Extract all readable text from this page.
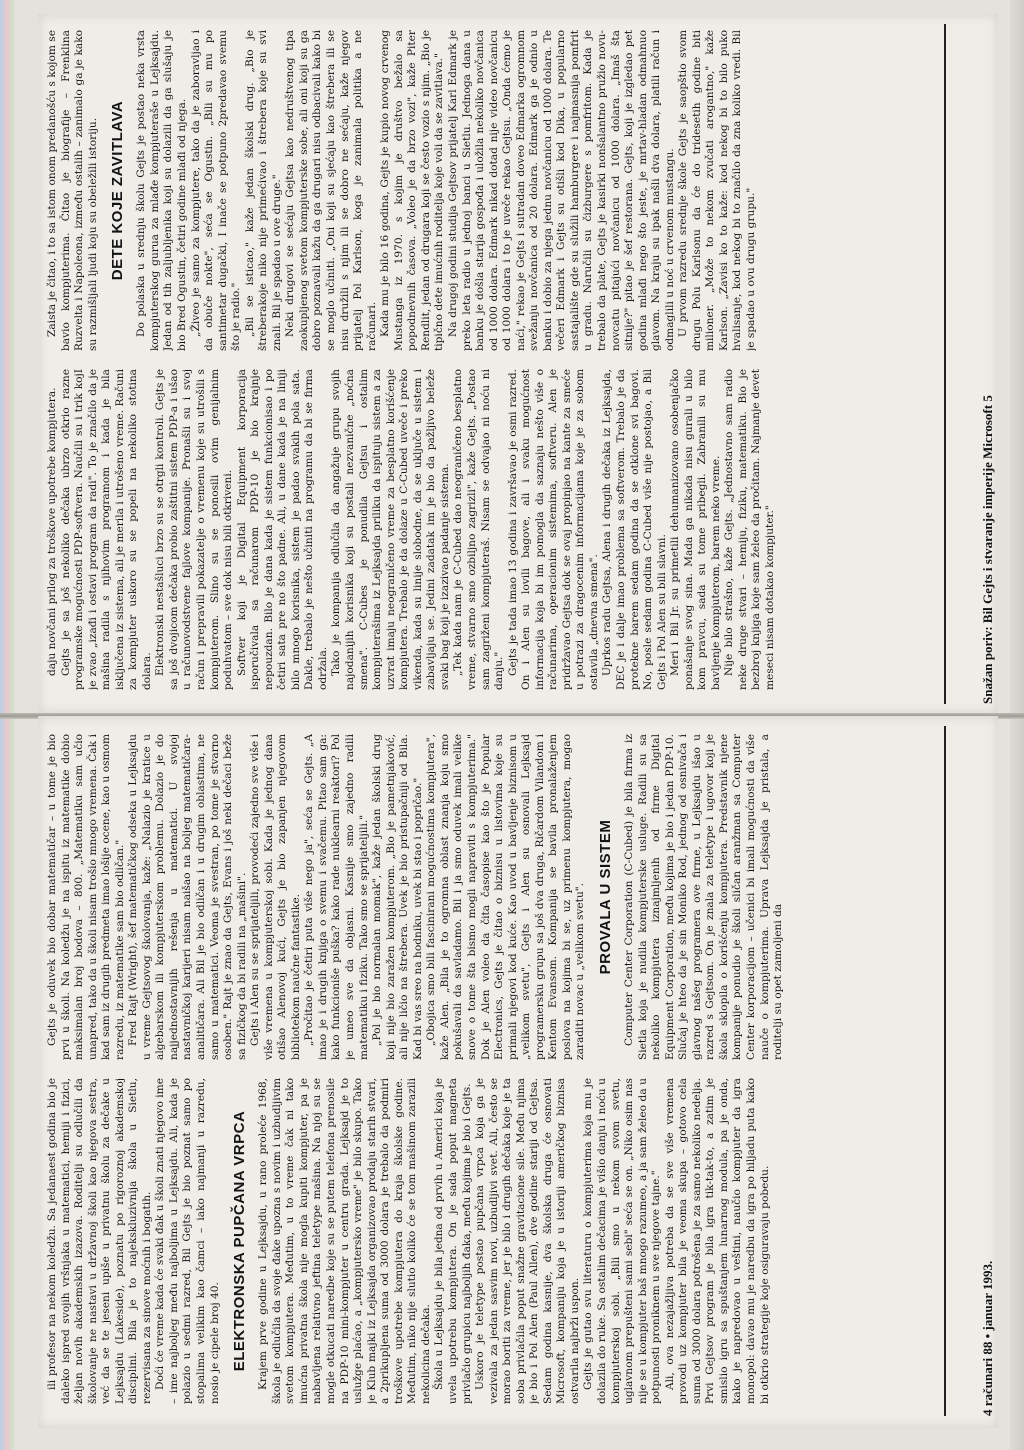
daju novčani prilog za troškove upotrebe kompjutera. Gejts je sa još nekoliko dečaka ubrzo otkrio razne programske mogućnosti PDP-softvera. Naučili su i trik kojI je zvao „izađi i ostavi program da radi". To je značilo da je mašina radila s njihovim programom i kada je bila isključena iz sistema, ali je merila i utrošeno vreme. Računi za kompjuter uskoro su se popeli na nekoliko stotina dolara. Elektronski nestašluci brzo su se otrgli kontroli. Gejts je sa još dvojicom dečaka probio zaštitni sistem PDP-a i ušao u računovodstvene fajlove kompanije. Pronašli su i svoj račun i prepravili pokazatelje o vremenu koje su utrošili s kompjuterom. Slino su se ponosili ovim genijalnim poduhvatom – sve dok nisu bili otkriveni. Softver koji je Digital Equipment korporacija isporučivala sa računarom PDP-10 je bio krajnje nepouzdan. Bilo je dana kada je sistem funkcionisao i po četiri sata pre no što padne. Ali, u dane kada je na liniji bilo mnogo korisnika, sistem je padao svakih pola sata. Dakle, trebalo je nešto učiniti na programu da bi se firma održala. Tako je kompanija odlučila da angažuje grupu svojih najodanijih korisnika koji su postali nezvanične „noćna smena". C-Cubes je ponudila Gejtsu i ostalim kompjuterašima iz Lejksajda priliku da ispituju sistem a za uzvrat imaju neograničeno vreme za besplatno korišćenje kompjutera. Trebalo je da dolaze u C-Cubed uveče i preko vikenda, kada su linije slobodne, da se uključe u sistem i zabavljaju se. Jedini zadatak im je bio da pažljivo beleže svaki bag koji je izazivao padanje sistema. „Tek kada nam je C-Cubed dao neograničeno besplatno vreme, stvarno smo ozbiljno zagrizli", kaže Gejts. „Postao sam zagriženi kompjuteraš. Nisam se odvajao ni noću ni danju." Gejts je tada imao 13 godina i završavao je osmi razred. On i Alen su lovili bagove, ali i svaku mogućnost informacija koja bi im pomogla da saznaju nešto više o računarima, operacionim sistemima, softveru. Alen je pridržavao Gejtsa dok se ovaj propinjao na kante za smeće u potrazi za dragocenim informacijama koje je za sobom ostavila „dnevna smena". Uprkos radu Gejtsa, Alena i drugih dečaka iz Lejksajda, DEC je i dalje imao problema sa softverom. Trebalo je da protekne barem sedam godina da se otklone svi bagovi. No, posle sedam godina C-Cubed više nije postojao, a Bil Gejts i Pol Alen su bili slavni. Meri i Bil Jr. su primetili dehumanizovano osobenjačko ponašanje svog sina. Mada ga nikada nisu gurali u bilo kom pravcu, sada su tome pribegli. Zabranili su mu bavljenje kompjuterom, barem neko vreme. Nije bilo strašno, kaže Gejts. „Jednostavno sam radio neke druge stvari – hemiju, fiziku, matematiku. Bio je bezbroj knjiga koje sam želeo da pročitam. Najmanje devet meseci nisam dotakao kompjuter."

Zaista je čitao, i to sa istom onom predanošću s kojom se bavio kompjuterima. Čitao je biografije – Frenklina Ruzvelta i Napoleona, između ostalih – zanimalo ga je kako su razmišljali ljudi koju su obeležili istoriju. DETE KOJE ZAVITLAVA Do polaska u srednju školu Gejts je postao neka vrsta kompjuterskog gurua za mlađe kompjuteraše u Lejksajdu. Jedan od tih zaljubljenika koji su dolazili da ga slušaju je bio Bred Ogustin, četiri godine mlađi od njega. „Živeo je samo za kompjutere, tako da je zaboravljao i da obuče nokte", seća se Ogustin. „Bili su mu po santimetar dugački, I inače se potpuno 2predavao svemu što je radio." „Bil se isticao," kaže jedan školski drug. „Bio je štreberakoje niko nije primećivao i štrebera koje su svi znali. Bil je spadao u ove druge." Neki drugovi se sećaju Gejtsa kao nedruštvenog tipa zaokupljenog svetom kompjuterske sobe, ali oni koji su ga dobro poznavali kažu da ga drugari nisu odbacivali kako bi se moglo učiniti. „Oni koji su sjećaju kao štrebera ili se nisu družili s njim ili se dobro ne sećaju, kaže njegov prijatelj Pol Karlson, koga je zanimala politika a ne računari. Kada mu je bilo 16 godina, Gejts je kupio novog crvenog Mustanga iz 1970. s kojim je društvo bežalo sa popodnevnih časova. „Voleo je da brzo vozi", kaže Piter Rendlit, jedan od drugara koji se često vozio s njim. „Bio je tipično dete imućnih roditelja koje voli da se zavitlava." Na drugoj godini studija Gejtsov prijatelj Karl Edmark je preko leta radio u jednoj banci u Sietlu. Jednoga dana u banku je došla starija gospođa i uložila nekoliko novčanica od 1000 dolara. Edmark nikad dotad nije video novčanicu od 1000 dolara i to je uveče rekao Gejtsu. „Onda ćemo je naći," rekao je Gejts i sutradan doveo Edmarka ogromnom svežanju novčanica od 20 dolara. Edmark ga je odnio u banku i dobio za njega jednu novčanicu od 1000 dolara. Te večeri Edmark i Gejts su otišli kod Dika, u popularno sastajalište gde su služili hamburgere i najmasnija pomfrit u gradu. Naručili su čizburgere s pomfritom. Kada je trebalo da plate, Gejts je kasirki nonšalantno pružio novu-novcatu pitajući novčanicu od 1000 dolara. „Imaš šta sitnije?" pitao je šef restorana. Gejts, koji je izgledao pet godina mlađi nego što jeste, je mrtav-hladan odmahnuo glavom. Na kraju su ipak našli dva dolara, platili račun i odmaglili u noć u crvenom mustangu. U prvom razredu srednje škole Gejts je saopštio svom drugu Polu Karlsonu da će do tridesetih godine biti milioner. „Može to nekom zvučati arogantno," kaže Karlson. „Zavisi ko to kaže: kod nekog bi to bilo puko hvalisanje, kod nekog bi to značilo da zna koliko vredi. Bil je spadao u ovu drugu grupu."

Snažan poriv: Bil Gejts i stvaranje imperije Microsoft 5

ili profesor na nekom koledžu. Sa jedanaest godina bio je daleko ispred svojih vršnjaka u matematici, hemiji i fizici, željan novih akademskih izazova. Roditelji su odlučili da školovanje ne nastavi u državnoj školi kao njegova sestra, već da se te jeseni upiše u privatnu školu za dečake u Lejksajdu (Lakeside), poznatu po rigoroznoj akademskoj disciplini. Bila je to najekskluzivnija škola u Sietlu, rezervisana za sinove moćnih i bogatih. Doći će vreme kada će svaki đak u školi znati njegovo ime – ime najboljeg među najboljima u Lejksajdu. Ali, kada je polazio u sedmi razred, Bil Gejts je bio poznat samo po stopalima velikim kao čamci – iako najmanji u razredu, nosio je cipele broj 40. ELEKTRONSKA PUPČANA VRPCA Krajem prve godine u Lejksajdu, u rano proleće 1968, škola je odlučila da svoje đake upozna s novim i uzbudljivim svetom kompjutera. Međutim, u to vreme čak ni tako imućna privatna škola nije mogla kupiti kompjuter, pa je nabavljena relativno jeftina teletype mašina. Na njoj su se mogle otkucati naredbe koje su se putem telefona prenosile na PDP-10 mini-kompjuter u centru grada. Lejksajd je to uslužge plaćao, a „kompjutersko vreme" je bilo skupo. Tako je Klub majki iz Lejksajda organizovao prodaju starih stvari, a 2prikupljena suma od 3000 dolara je trebalo da podmiri troškove upotrebe kompjutera do kraja školske godine. Međutim, niko nije slutio koliko će se tom mašinom zarazili nekolicina dečaka. Škola u Lejksajdu je bila jedna od prvih u Americi koja je uvela upotrebu kompjutera. On je sada poput magneta privlačio grupicu najboljih đaka, među kojima je bio i Gejts. Uskoro je teletype postao pupčana vrpca koja ga je vezivala za jedan sasvim novi, uzbudljivi svet. Ali, često se morao boriti za vreme, jer je bilo i drugih dečaka koje je ta soba privlačila poput snažne gravitacione sile. Među njima je bio i Pol Alen (Paul Allen), dve godine stariji od Gejtsa. Sedam godina kasnije, dva školska druga će osnovati Microsoft, kompaniju koja je u istoriji američkog biznisa ostvarila najbrži uspon. Gejts je gutao svu literaturu o kompjuterima koja mu je dolazila do ruke. Sa ostalim dečacima je višio danju i noću u kompjuterskoj sobi. „Bili smo u nekom svom svetu, uglavnom prepušteni sami sebi" seća se on. „Niko osim nas nije se u kompjuter baš mnogo razumeo, a ja sam želeo da u potpunosti proniknem u sve njegove tajne." Ali, ova nezajažljiva potreba da se sve više vremena provodi uz kompjuter bila je veoma skupa – gotovo cela suma od 3000 dolara potrošena je za samo nekoliko nedelja. Prvi Gejtsov program je bila igra tik-tak-to, a zatim je smislio igru sa spuštanjem lunarnog modula, pa je onda, kako je napredovao u veštini, naučio kompjuter da igra monopol: davao mu je naredbu da igra po hiljadu puta kako bi otkrio strategije koje osiguravaju pobedu.

Gejts je oduvek bio dobar matematičar – u tome je bio prvi u školi. Na koledžu je na ispitu iz matematike dobio maksimalan broj bodova – 800. „Matematiku sam učio unapred, tako da u školi nisam trošio mnogo vremena. Čak i kad sam iz drugih predmeta imao lošije ocene, kao u osmom razredu, iz matematike sam bio odličan." Fred Rajt (Wright), šef matematičkog odseka u Lejksajdu u vreme Gejtsovog školovanja, kaže: „Nalazio je kratice u algebarskom ili kompjuterskom problemu. Dolazio je do najjednostavnijih rešenja u matematici. U svojoj nastavničkoj karijeri nisam naišao na boljeg matematičara-analitičara. Ali Bil je bio odličan i u drugim oblastima, ne samo u matematici. Veoma je svestran, po tome je stvarno osoben." Rajt je znao da Gejts, Evans i još neki dečaci beže sa fizičkog da bi radili na „mašini". Gejts i Alen su se sprijateljili, provodeći zajedno sve više i više vremena u kompjuterskoj sobi. Kada je jednog dana otišao Alenovoj kući, Gejts je bio zapanjen njegovom bibliotekom naučne fantastike. „Pročitao je četiri puta više nego ja", seća se Gejts. „A imao je i drugih knjiga o svemu i svačemu. Pitao sam ga: kako funkcioniše puška? kako rade nuklearni reaktori? Pol je umeo sve da objasni. Kasnije smo zajedno radili matematiku i fiziku. Tako smo se sprijateljili." „Pol je bio normalan momak", kaže jedan školski drug koji nije bio zaražen kompjuterom. „Bio je pametnjaković, ali nije ličio na štrebera. Uvek je bio pristupačniji od Bila. Kad bi vas sreo na hodniku, uvek bi stao i popričao." „Obojica smo bili fascinirani mogućnostima kompjutera", kaže Alen. „Bila je to ogromna oblast znanja koju smo pokušavali da savladamo. Bil i ja smo oduvek imali velike snove o tome šta bismo mogli napraviti s kompjuterima." Dok je Alen voleo da čita časopise kao što je Popular Electronics, Gejts je čitao o biznisu u listovima koje su primali njegovi kod kuće. Kao uvod u bavljenje biznisom u „velikom svetu", Gejts i Alen su osnovali Lejksajd programersku grupu sa još dva druga, Ričardom Vilandom i Kentom Evansom. Kompanija se bavila pronalaženjem poslova na kojima bi se, uz primenu kompjutera, mogao zaraditi novac u „velikom svetu". PROVALA U SISTEM Computer Center Corporation (C-Cubed) je bila firma iz Sietla koja je nudila kompjuterske usluge. Radili su sa nekoliko kompjutera iznajmljenih od firme Digital Equipment Corporation, među kojima je bio i jedan PDP-10. Slučaj je hteo da je sin Moniko Rod, jednog od osnivača i glavnog našeg programera ove firme, u Lejksajdu išao u razred s Gejtsom. On je znala za teletype i ugovor koji je škola sklopila o korišćenju kompjutera. Predstavnik njene kompanije ponudio je školi sličan aranžman sa Computer Center korporacijom – učenici bi imali mogućnosti da više nauče o kompjuterima. Uprava Lejksajda je pristala, a roditelji su opet zamoljeni da

4 računari 88 • januar 1993.
